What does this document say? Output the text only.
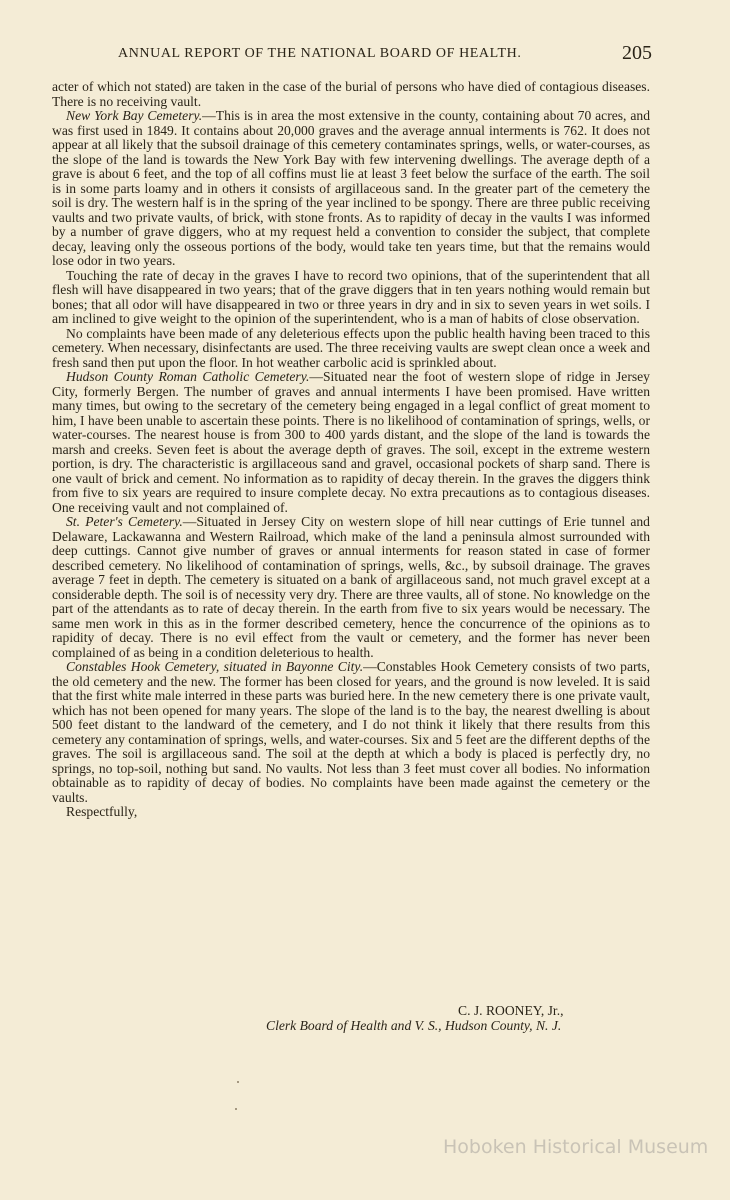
ANNUAL REPORT OF THE NATIONAL BOARD OF HEALTH.	205

acter of which not stated) are taken in the case of the burial of persons who have died of contagious diseases. There is no receiving vault.

New York Bay Cemetery.—This is in area the most extensive in the county, containing about 70 acres, and was first used in 1849. It contains about 20,000 graves and the average annual interments is 762. It does not appear at all likely that the subsoil drainage of this cemetery contaminates springs, wells, or water-courses, as the slope of the land is towards the New York Bay with few intervening dwellings. The average depth of a grave is about 6 feet, and the top of all coffins must lie at least 3 feet below the surface of the earth. The soil is in some parts loamy and in others it consists of argillaceous sand. In the greater part of the cemetery the soil is dry. The western half is in the spring of the year inclined to be spongy. There are three public receiving vaults and two private vaults, of brick, with stone fronts. As to rapidity of decay in the vaults I was informed by a number of grave diggers, who at my request held a convention to consider the subject, that complete decay, leaving only the osseous portions of the body, would take ten years time, but that the remains would lose odor in two years.

Touching the rate of decay in the graves I have to record two opinions, that of the superintendent that all flesh will have disappeared in two years; that of the grave diggers that in ten years nothing would remain but bones; that all odor will have disappeared in two or three years in dry and in six to seven years in wet soils. I am inclined to give weight to the opinion of the superintendent, who is a man of habits of close observation.

No complaints have been made of any deleterious effects upon the public health having been traced to this cemetery. When necessary, disinfectants are used. The three receiving vaults are swept clean once a week and fresh sand then put upon the floor. In hot weather carbolic acid is sprinkled about.

Hudson County Roman Catholic Cemetery.—Situated near the foot of western slope of ridge in Jersey City, formerly Bergen. The number of graves and annual interments I have been promised. Have written many times, but owing to the secretary of the cemetery being engaged in a legal conflict of great moment to him, I have been unable to ascertain these points. There is no likelihood of contamination of springs, wells, or water-courses. The nearest house is from 300 to 400 yards distant, and the slope of the land is towards the marsh and creeks. Seven feet is about the average depth of graves. The soil, except in the extreme western portion, is dry. The characteristic is argillaceous sand and gravel, occasional pockets of sharp sand. There is one vault of brick and cement. No information as to rapidity of decay therein. In the graves the diggers think from five to six years are required to insure complete decay. No extra precautions as to contagious diseases. One receiving vault and not complained of.

St. Peter's Cemetery.—Situated in Jersey City on western slope of hill near cuttings of Erie tunnel and Delaware, Lackawanna and Western Railroad, which make of the land a peninsula almost surrounded with deep cuttings. Cannot give number of graves or annual interments for reason stated in case of former described cemetery. No likelihood of contamination of springs, wells, &c., by subsoil drainage. The graves average 7 feet in depth. The cemetery is situated on a bank of argillaceous sand, not much gravel except at a considerable depth. The soil is of necessity very dry. There are three vaults, all of stone. No knowledge on the part of the attendants as to rate of decay therein. In the earth from five to six years would be necessary. The same men work in this as in the former described cemetery, hence the concurrence of the opinions as to rapidity of decay. There is no evil effect from the vault or cemetery, and the former has never been complained of as being in a condition deleterious to health.

Constables Hook Cemetery, situated in Bayonne City.—Constables Hook Cemetery consists of two parts, the old cemetery and the new. The former has been closed for years, and the ground is now leveled. It is said that the first white male interred in these parts was buried here. In the new cemetery there is one private vault, which has not been opened for many years. The slope of the land is to the bay, the nearest dwelling is about 500 feet distant to the landward of the cemetery, and I do not think it likely that there results from this cemetery any contamination of springs, wells, and water-courses. Six and 5 feet are the different depths of the graves. The soil is argillaceous sand. The soil at the depth at which a body is placed is perfectly dry, no springs, no top-soil, nothing but sand. No vaults. Not less than 3 feet must cover all bodies. No information obtainable as to rapidity of decay of bodies. No complaints have been made against the cemetery or the vaults.

Respectfully,

C. J. ROONEY, Jr.,
Clerk Board of Health and V. S., Hudson County, N. J.
Hoboken Historical Museum
